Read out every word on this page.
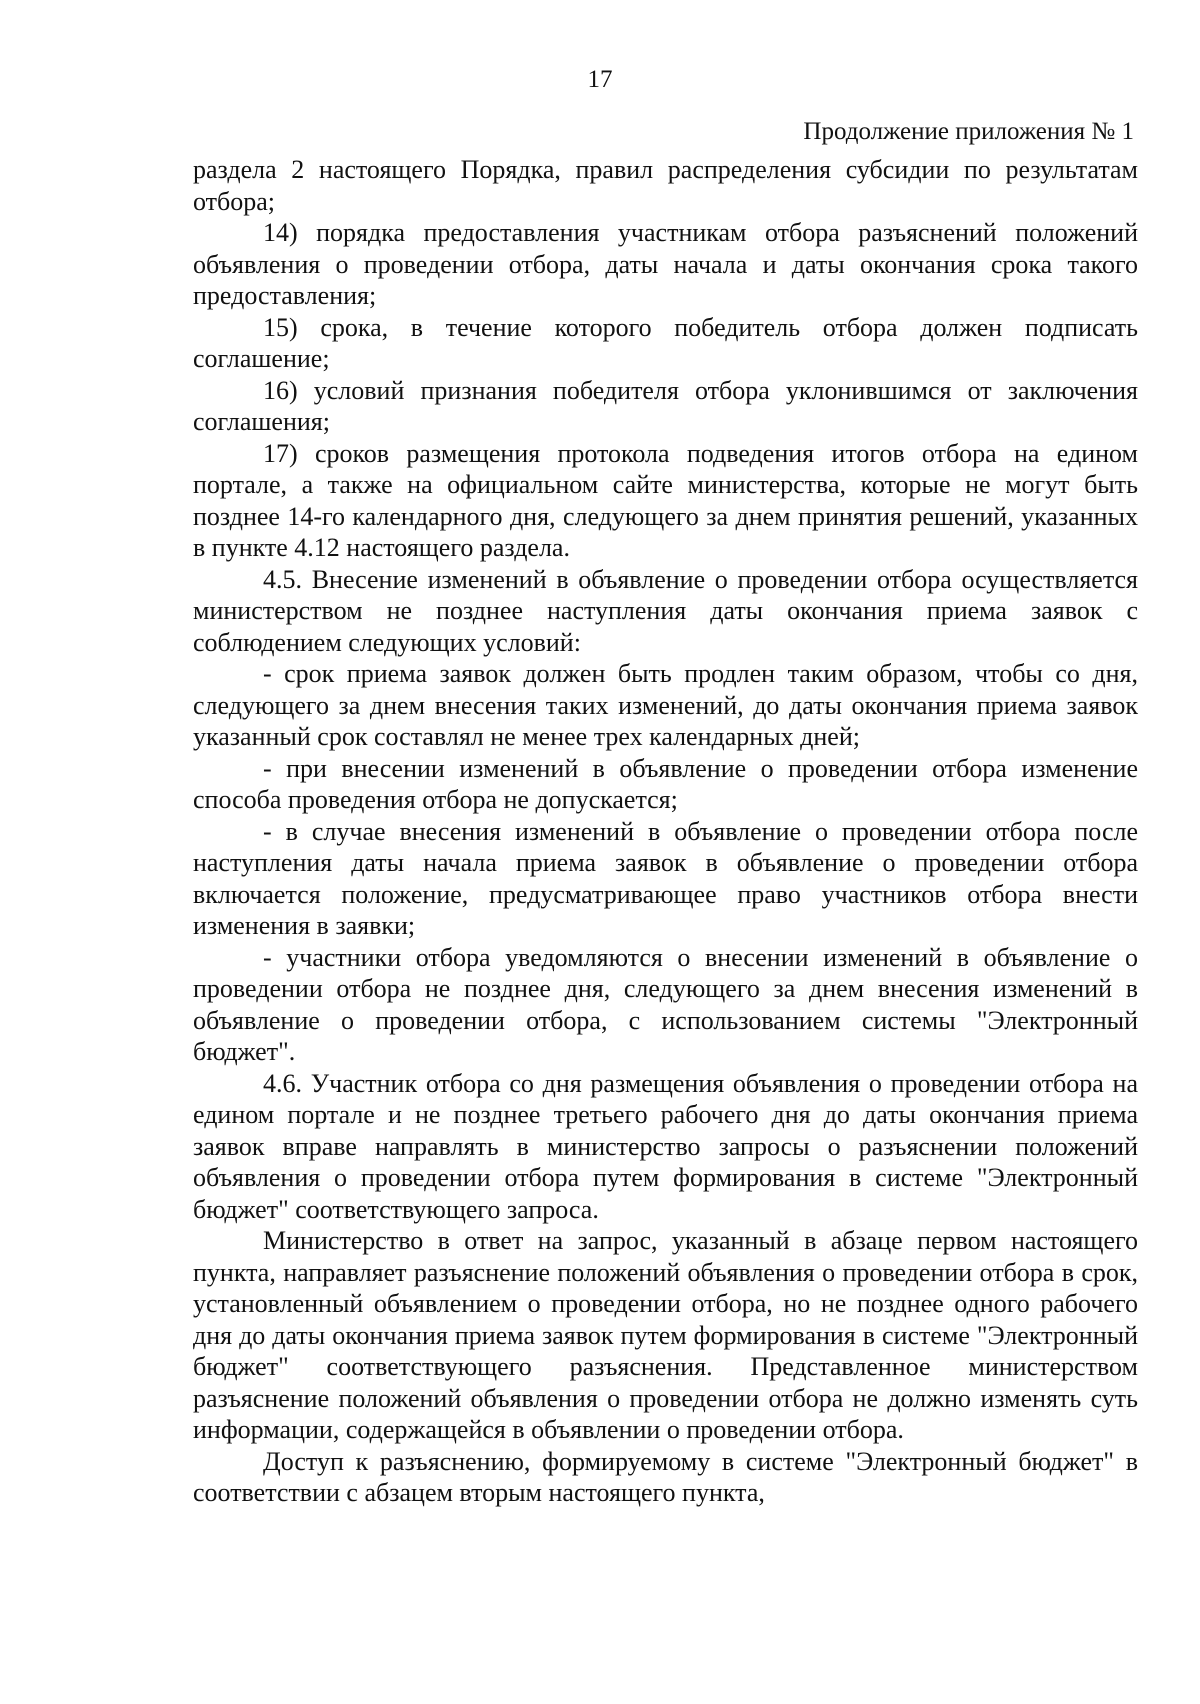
17
Продолжение приложения № 1

раздела 2 настоящего Порядка, правил распределения субсидии по результатам отбора;

14) порядка предоставления участникам отбора разъяснений положений объявления о проведении отбора, даты начала и даты окончания срока такого предоставления;

15) срока, в течение которого победитель отбора должен подписать соглашение;

16) условий признания победителя отбора уклонившимся от заключения соглашения;

17) сроков размещения протокола подведения итогов отбора на едином портале, а также на официальном сайте министерства, которые не могут быть позднее 14-го календарного дня, следующего за днем принятия решений, указанных в пункте 4.12 настоящего раздела.

4.5. Внесение изменений в объявление о проведении отбора осуществляется министерством не позднее наступления даты окончания приема заявок с соблюдением следующих условий:

- срок приема заявок должен быть продлен таким образом, чтобы со дня, следующего за днем внесения таких изменений, до даты окончания приема заявок указанный срок составлял не менее трех календарных дней;

- при внесении изменений в объявление о проведении отбора изменение способа проведения отбора не допускается;

- в случае внесения изменений в объявление о проведении отбора после наступления даты начала приема заявок в объявление о проведении отбора включается положение, предусматривающее право участников отбора внести изменения в заявки;

- участники отбора уведомляются о внесении изменений в объявление о проведении отбора не позднее дня, следующего за днем внесения изменений в объявление о проведении отбора, с использованием системы "Электронный бюджет".

4.6. Участник отбора со дня размещения объявления о проведении отбора на едином портале и не позднее третьего рабочего дня до даты окончания приема заявок вправе направлять в министерство запросы о разъяснении положений объявления о проведении отбора путем формирования в системе "Электронный бюджет" соответствующего запроса.

Министерство в ответ на запрос, указанный в абзаце первом настоящего пункта, направляет разъяснение положений объявления о проведении отбора в срок, установленный объявлением о проведении отбора, но не позднее одного рабочего дня до даты окончания приема заявок путем формирования в системе "Электронный бюджет" соответствующего разъяснения. Представленное министерством разъяснение положений объявления о проведении отбора не должно изменять суть информации, содержащейся в объявлении о проведении отбора.

Доступ к разъяснению, формируемому в системе "Электронный бюджет" в соответствии с абзацем вторым настоящего пункта,
